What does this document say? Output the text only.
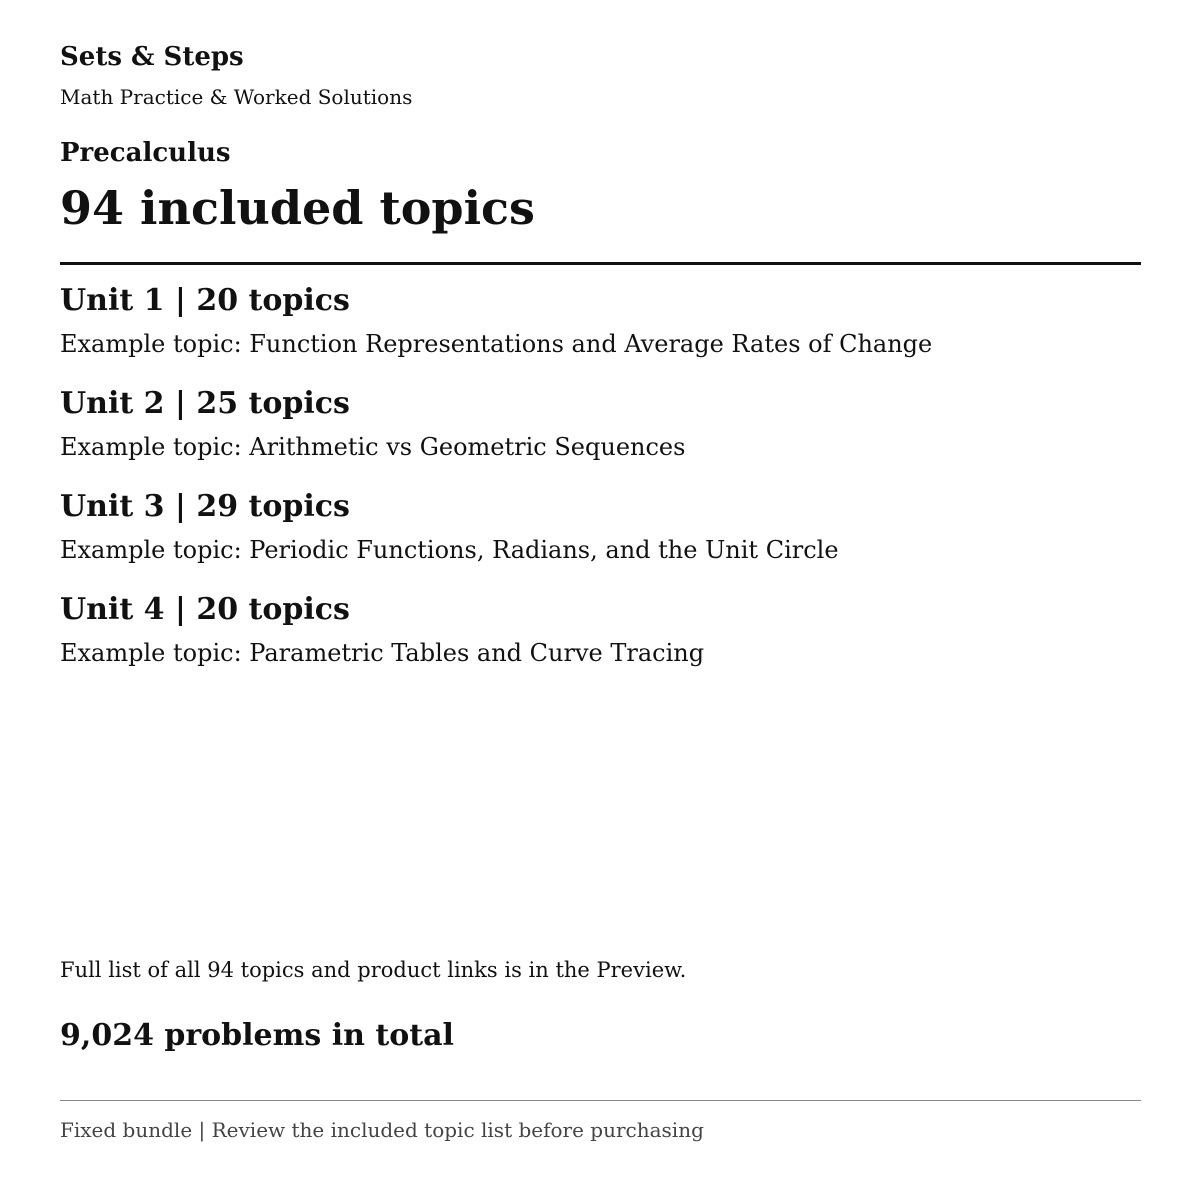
Sets & Steps
Math Practice & Worked Solutions
Precalculus
94 included topics
Unit 1 | 20 topics
Example topic: Function Representations and Average Rates of Change
Unit 2 | 25 topics
Example topic: Arithmetic vs Geometric Sequences
Unit 3 | 29 topics
Example topic: Periodic Functions, Radians, and the Unit Circle
Unit 4 | 20 topics
Example topic: Parametric Tables and Curve Tracing
Full list of all 94 topics and product links is in the Preview.
9,024 problems in total
Fixed bundle | Review the included topic list before purchasing
